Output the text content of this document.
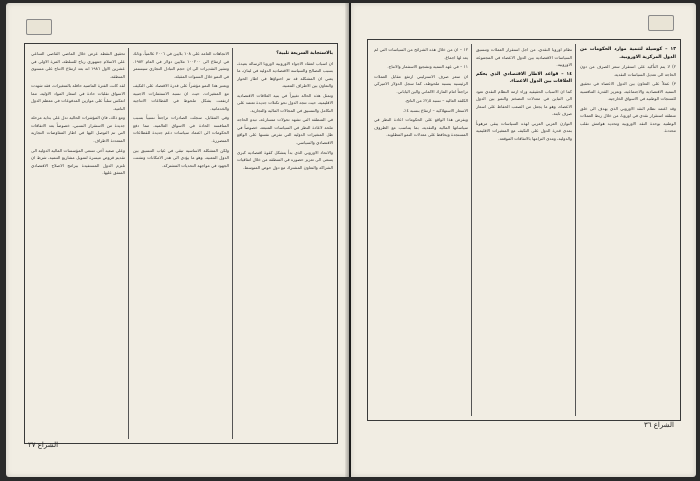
بالاستجابة السريعة تلبية؟

ان اسباب انعقاد الاجواء الاوروبية لاوروبا الرسالة بعيدة، بسبب التصالح والسياسة الاقتصادية الدولية في لبنان، ما يعني ان المشكلة قد تم احتواؤها في اطار الحوار والتعاون بين الاطراف المعنية.

وتمثل هذه الحالة تغييراً في بنية العلاقات الاقتصادية الاقليمية، حيث تتجه الدول نحو تكتلات جديدة تعتمد على التكامل والتنسيق في المجالات المالية والتجارية.

في المنطقة التي تشهد تحولات متسارعة، تبدو الحاجة ملحة لاعادة النظر في السياسات المتبعة، خصوصاً في ظل المتغيرات الدولية التي تفرض نفسها على الواقع الاقتصادي والسياسي.

والاتحاد الاوروبي الذي بدأ يتشكل كقوة اقتصادية كبرى يسعى الى تعزيز حضوره في المنطقة من خلال اتفاقيات الشراكة والتعاون المشترك مع دول حوض المتوسط.

الاتجاهات العامة على ١٠٨ بلايين في ٢٠٠٦ عالمياً، وذلك في ارتفاع الى ١٠٠٢٠٠ ملايين دولار في العام ١٩٨٢. وتشير التقديرات الى ان حجم التبادل التجاري سيستمر في النمو خلال السنوات المقبلة.

ويعتبر هذا النمو مؤشراً على قدرة الاقتصاد على التكيف مع المتغيرات، حيث ان نسبة الاستثمارات الاجنبية ارتفعت بشكل ملحوظ في القطاعات الانتاجية والخدماتية.

وفي المقابل، سجلت الصادرات تراجعاً نسبياً بسبب المنافسة الحادة في الاسواق العالمية، مما دفع الحكومات الى اعتماد سياسات دعم جديدة للقطاعات المتضررة.

ولكن المشكلة الاساسية تبقى في غياب التنسيق بين الدول المعنية، وهو ما يؤدي الى هدر الامكانات وتشتت الجهود في مواجهة التحديات المشتركة.

تحقيق النقطة عرض خلال الماضي القاصي الساعي على الاسلام جمهوري رباح للسلطة، المرة الاولى في عشرين الاول ١٩٨٦ انه بعد ارتفاع الانتاج على مستوى المنطقة.

لقد كانت الفترة الماضية حافلة بالمتغيرات، فقد شهدت الاسواق تقلبات حادة في اسعار المواد الاولية، مما انعكس سلباً على موازين المدفوعات في معظم الدول النامية.

ومع ذلك، فان المؤشرات الحالية تدل على بداية مرحلة جديدة من الاستقرار النسبي، خصوصاً بعد الاتفاقات التي تم التوصل اليها في اطار المفاوضات التجارية المتعددة الاطراف.

وعلى صعيد آخر، تسعى المؤسسات المالية الدولية الى تقديم قروض ميسرة لتمويل مشاريع التنمية، شرط ان تلتزم الدول المستفيدة ببرامج الاصلاح الاقتصادي المتفق عليها.

الشراع ٣٧

١٣ – كوسيلة لتنمية موارد الحكومات من الدول المركزية الاوروبية.

٢) لا يتم التأكيد على استقرار سعر الصرف من دون الحاجة الى تعديل السياسات النقدية.

٣) عملاً على التعاون بين الدول الاعضاء في تحقيق التنمية الاقتصادية والاجتماعية، وتعزيز القدرة التنافسية للمنتجات الوطنية في الاسواق الخارجية.

وقد اعتمد نظام النقد الاوروبي الذي يهدف الى خلق منطقة استقرار نقدي في اوروبا، من خلال ربط العملات الوطنية بوحدة النقد الاوروبية وتحديد هوامش تقلب محددة.

نظام اوروبا النقدي، من اجل استقرار العملات وتنسيق السياسات الاقتصادية بين الدول الاعضاء في المجموعة الاوروبية.

١٤ – قواعد الاطار الاقتصادي الذي يحكم العلاقات بين الدول الاعضاء.

كما ان الاسباب الحقيقية وراء ازمة النظام النقدي تعود الى التباين في معدلات التضخم والنمو بين الدول الاعضاء، وهو ما يجعل من الصعب الحفاظ على اسعار صرف ثابتة.

التوازن العربي العربي لهذه السياسات يبقى مرهوناً بمدى قدرة الدول على التكيف مع المتغيرات الاقليمية والدولية، ومدى التزامها بالاتفاقات الموقعة.

١٢ – ان من خلال هذه الشرائح من السياسات التي لم يعد لها اجماع.

١١ – في عهد التنمية وتشجيع الاستثمار والانتاج.

ان سعر صرف الاسترليني ارتفع مقابل العملات الرئيسية بنسبة ملحوظة، كما سجل الدولار الاميركي تراجعاً امام المارك الالماني والين الياباني.

الكلفة العالية – نسبة ٢٫٥٪ من الناتج.

الاسعار الاستهلاكية – ارتفاع بنسبة ٤٪.

ويفرض هذا الواقع على الحكومات اعادة النظر في سياساتها المالية والنقدية، بما يتناسب مع الظروف المستجدة ويحافظ على معدلات النمو المطلوبة.

الشراع ٣٦
